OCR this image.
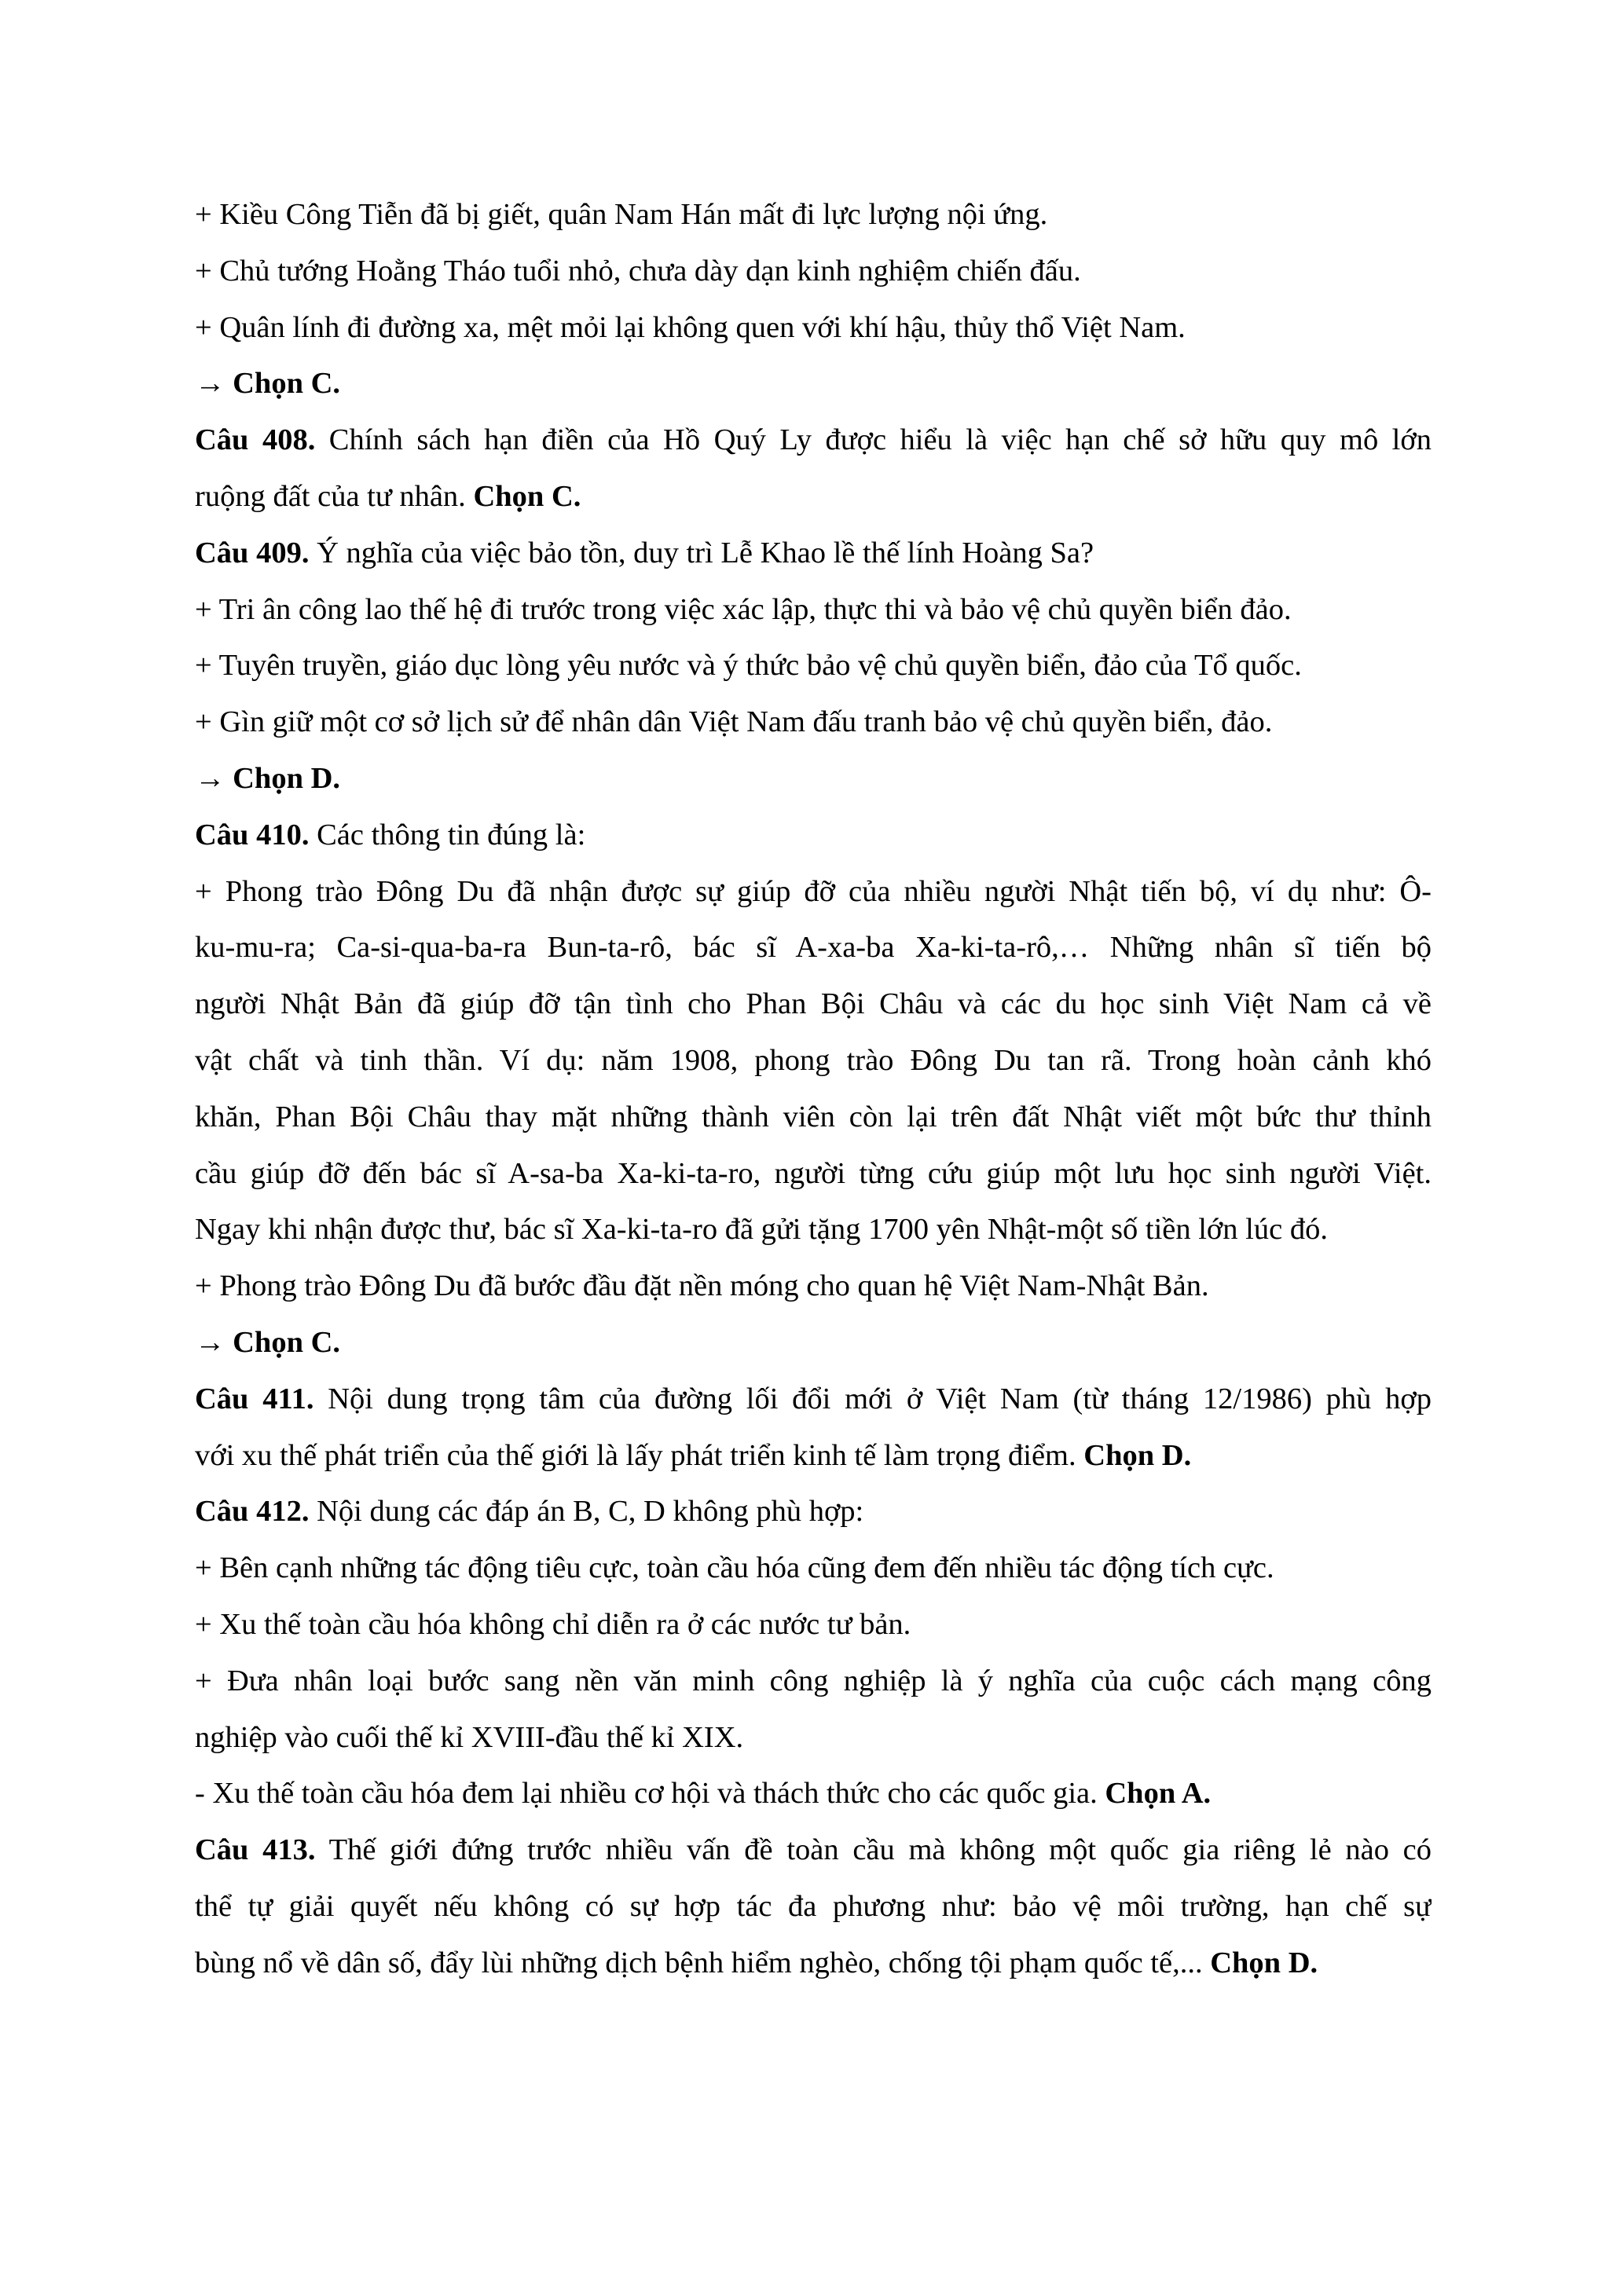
+ Kiều Công Tiễn đã bị giết, quân Nam Hán mất đi lực lượng nội ứng.
+ Chủ tướng Hoằng Tháo tuổi nhỏ, chưa dày dạn kinh nghiệm chiến đấu.
+ Quân lính đi đường xa, mệt mỏi lại không quen với khí hậu, thủy thổ Việt Nam.
→ Chọn C.
Câu 408. Chính sách hạn điền của Hồ Quý Ly được hiểu là việc hạn chế sở hữu quy mô lớn
ruộng đất của tư nhân. Chọn C.
Câu 409. Ý nghĩa của việc bảo tồn, duy trì Lễ Khao lề thế lính Hoàng Sa?
+ Tri ân công lao thế hệ đi trước trong việc xác lập, thực thi và bảo vệ chủ quyền biển đảo.
+ Tuyên truyền, giáo dục lòng yêu nước và ý thức bảo vệ chủ quyền biển, đảo của Tổ quốc.
+ Gìn giữ một cơ sở lịch sử để nhân dân Việt Nam đấu tranh bảo vệ chủ quyền biển, đảo.
→ Chọn D.
Câu 410. Các thông tin đúng là:
+ Phong trào Đông Du đã nhận được sự giúp đỡ của nhiều người Nhật tiến bộ, ví dụ như: Ô-
ku-mu-ra; Ca-si-qua-ba-ra Bun-ta-rô, bác sĩ A-xa-ba Xa-ki-ta-rô,… Những nhân sĩ tiến bộ
người Nhật Bản đã giúp đỡ tận tình cho Phan Bội Châu và các du học sinh Việt Nam cả về
vật chất và tinh thần. Ví dụ: năm 1908, phong trào Đông Du tan rã. Trong hoàn cảnh khó
khăn, Phan Bội Châu thay mặt những thành viên còn lại trên đất Nhật viết một bức thư thỉnh
cầu giúp đỡ đến bác sĩ A-sa-ba Xa-ki-ta-ro, người từng cứu giúp một lưu học sinh người Việt.
Ngay khi nhận được thư, bác sĩ Xa-ki-ta-ro đã gửi tặng 1700 yên Nhật-một số tiền lớn lúc đó.
+ Phong trào Đông Du đã bước đầu đặt nền móng cho quan hệ Việt Nam-Nhật Bản.
→ Chọn C.
Câu 411. Nội dung trọng tâm của đường lối đổi mới ở Việt Nam (từ tháng 12/1986) phù hợp
với xu thế phát triển của thế giới là lấy phát triển kinh tế làm trọng điểm. Chọn D.
Câu 412. Nội dung các đáp án B, C, D không phù hợp:
+ Bên cạnh những tác động tiêu cực, toàn cầu hóa cũng đem đến nhiều tác động tích cực.
+ Xu thế toàn cầu hóa không chỉ diễn ra ở các nước tư bản.
+ Đưa nhân loại bước sang nền văn minh công nghiệp là ý nghĩa của cuộc cách mạng công
nghiệp vào cuối thế kỉ XVIII-đầu thế kỉ XIX.
- Xu thế toàn cầu hóa đem lại nhiều cơ hội và thách thức cho các quốc gia. Chọn A.
Câu 413. Thế giới đứng trước nhiều vấn đề toàn cầu mà không một quốc gia riêng lẻ nào có
thể tự giải quyết nếu không có sự hợp tác đa phương như: bảo vệ môi trường, hạn chế sự
bùng nổ về dân số, đẩy lùi những dịch bệnh hiểm nghèo, chống tội phạm quốc tế,... Chọn D.
